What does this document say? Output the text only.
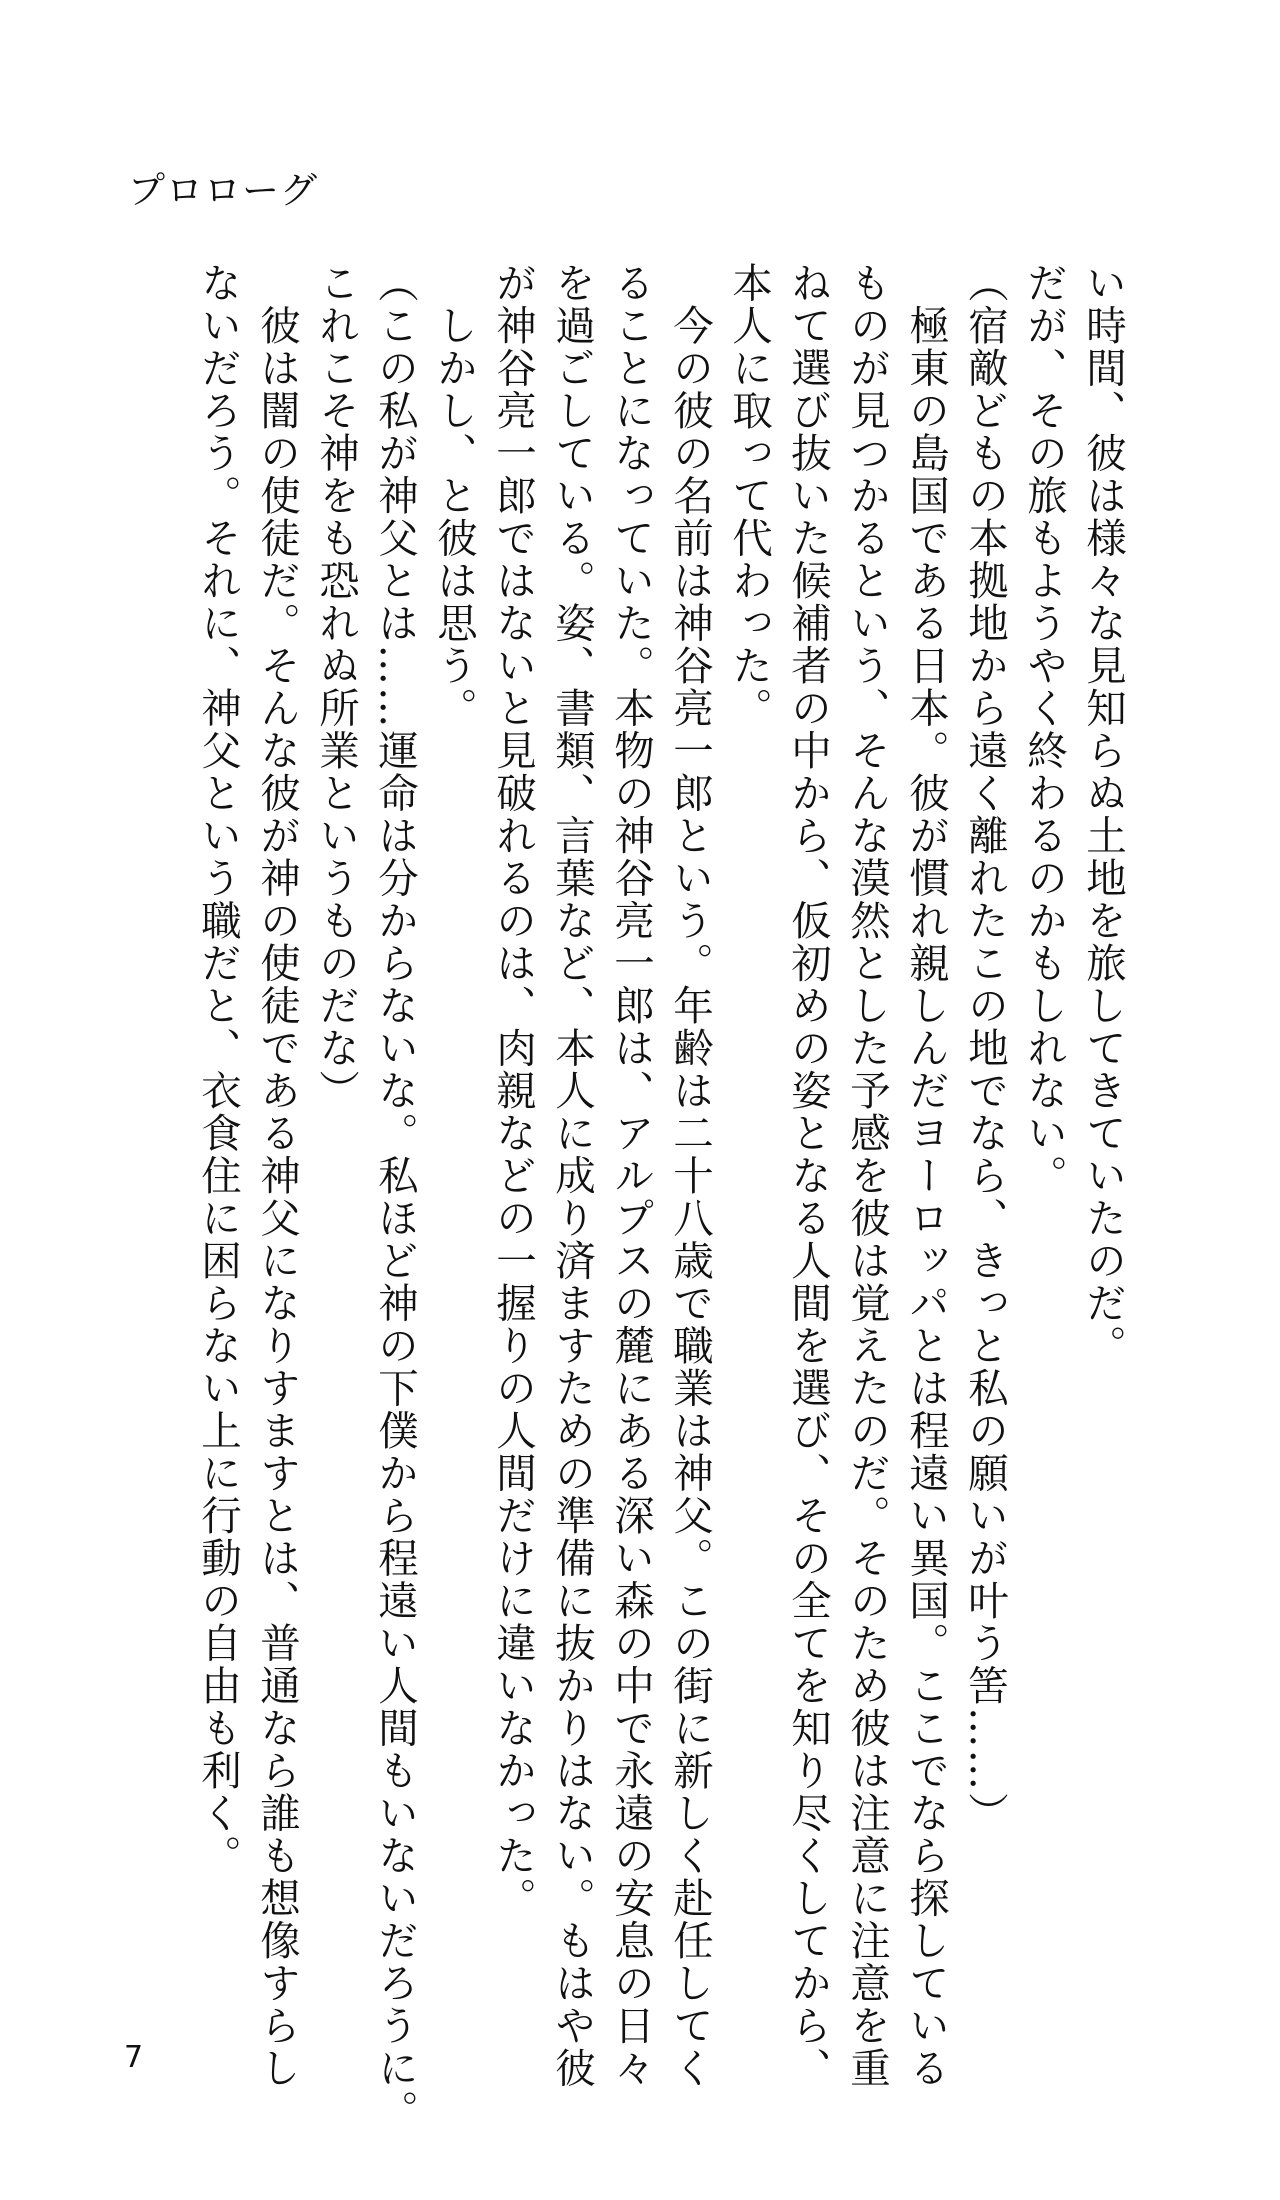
プロローグ
い時間、彼は様々な見知らぬ土地を旅してきていたのだ。
だが、その旅もようやく終わるのかもしれない。
（宿敵どもの本拠地から遠く離れたこの地でなら、きっと私の願いが叶う筈……）
　極東の島国である日本。彼が慣れ親しんだヨーロッパとは程遠い異国。ここでなら探している
ものが見つかるという、そんな漠然とした予感を彼は覚えたのだ。そのため彼は注意に注意を重
ねて選び抜いた候補者の中から、仮初めの姿となる人間を選び、その全てを知り尽くしてから、
本人に取って代わった。
　今の彼の名前は神谷亮一郎という。年齢は二十八歳で職業は神父。この街に新しく赴任してく
ることになっていた。本物の神谷亮一郎は、アルプスの麓にある深い森の中で永遠の安息の日々
を過ごしている。姿、書類、言葉など、本人に成り済ますための準備に抜かりはない。もはや彼
が神谷亮一郎ではないと見破れるのは、肉親などの一握りの人間だけに違いなかった。
　しかし、と彼は思う。
（この私が神父とは……運命は分からないな。私ほど神の下僕から程遠い人間もいないだろうに。
これこそ神をも恐れぬ所業というものだな）
　彼は闇の使徒だ。そんな彼が神の使徒である神父になりすますとは、普通なら誰も想像すらし
ないだろう。それに、神父という職だと、衣食住に困らない上に行動の自由も利く。
7
